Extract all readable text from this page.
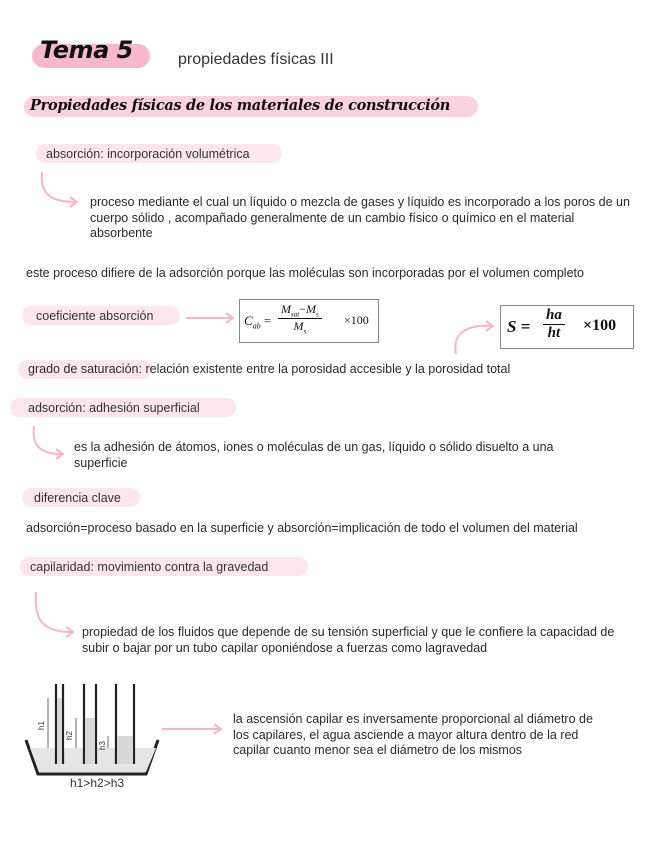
Tema 5	propiedades físicas III
Propiedades físicas de los materiales de construcción
absorción: incorporación volumétrica
proceso mediante el cual un líquido o mezcla de gases y líquido es incorporado a los poros de un cuerpo sólido , acompañado generalmente de un cambio físico o químico en el material absorbente
este proceso difiere de la adsorción porque las moléculas son incorporadas por el volumen completo
coeficiente absorción	$C_{ab}$ =
$M_{sat}-M_s$
$M_s$
×100	$S = \frac{ha}{ht} \times 100$
grado de saturación: relación existente entre la porosidad accesible y la porosidad total
adsorción: adhesión superficial
es la adhesión de átomos, iones o moléculas de un gas, líquido o sólido disuelto a una superficie
diferencia clave
adsorción=proceso basado en la superficie y absorción=implicación de todo el volumen del material
capilaridad: movimiento contra la gravedad
propiedad de los fluidos que depende de su tensión superficial y que le confiere la capacidad de subir o bajar por un tubo capilar oponiéndose a fuerzas como lagravedad
h1
h2
h3
h1>h2>h3
la ascensión capilar es inversamente proporcional al diámetro de los capilares, el agua asciende a mayor altura dentro de la red capilar cuanto menor sea el diámetro de los mismos
